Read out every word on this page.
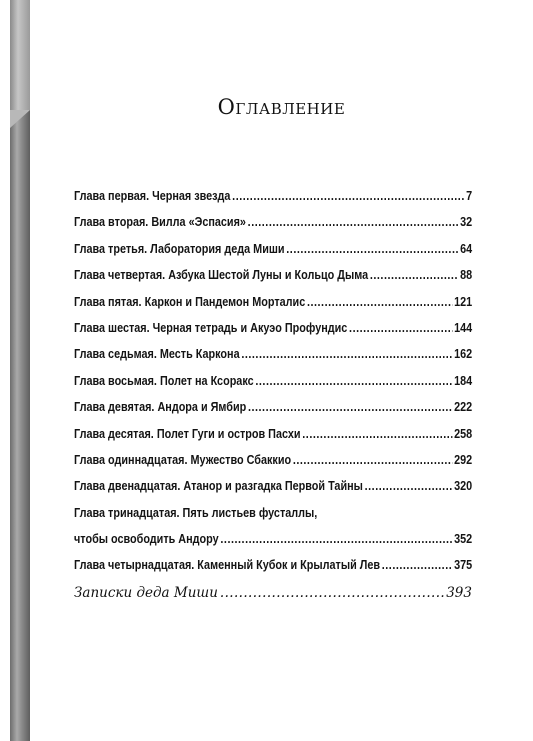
Оглавление
Глава первая. Черная звезда .....	7
Глава вторая. Вилла «Эспасия» .....	32
Глава третья. Лаборатория деда Миши .....	64
Глава четвертая. Азбука Шестой Луны и Кольцо Дыма .....	88
Глава пятая. Каркон и Пандемон Морталис .....	121
Глава шестая. Черная тетрадь и Акуэо Профундис .....	144
Глава седьмая. Месть Каркона .....	162
Глава восьмая. Полет на Ксоракс .....	184
Глава девятая. Андора и Ямбир .....	222
Глава десятая. Полет Гуги и остров Пасхи .....	258
Глава одиннадцатая. Мужество Сбаккио .....	292
Глава двенадцатая. Атанор и разгадка Первой Тайны .....	320
Глава тринадцатая. Пять листьев фусталлы,
чтобы освободить Андору .....	352
Глава четырнадцатая. Каменный Кубок и Крылатый Лев .....	375
Записки деда Миши .....	393
